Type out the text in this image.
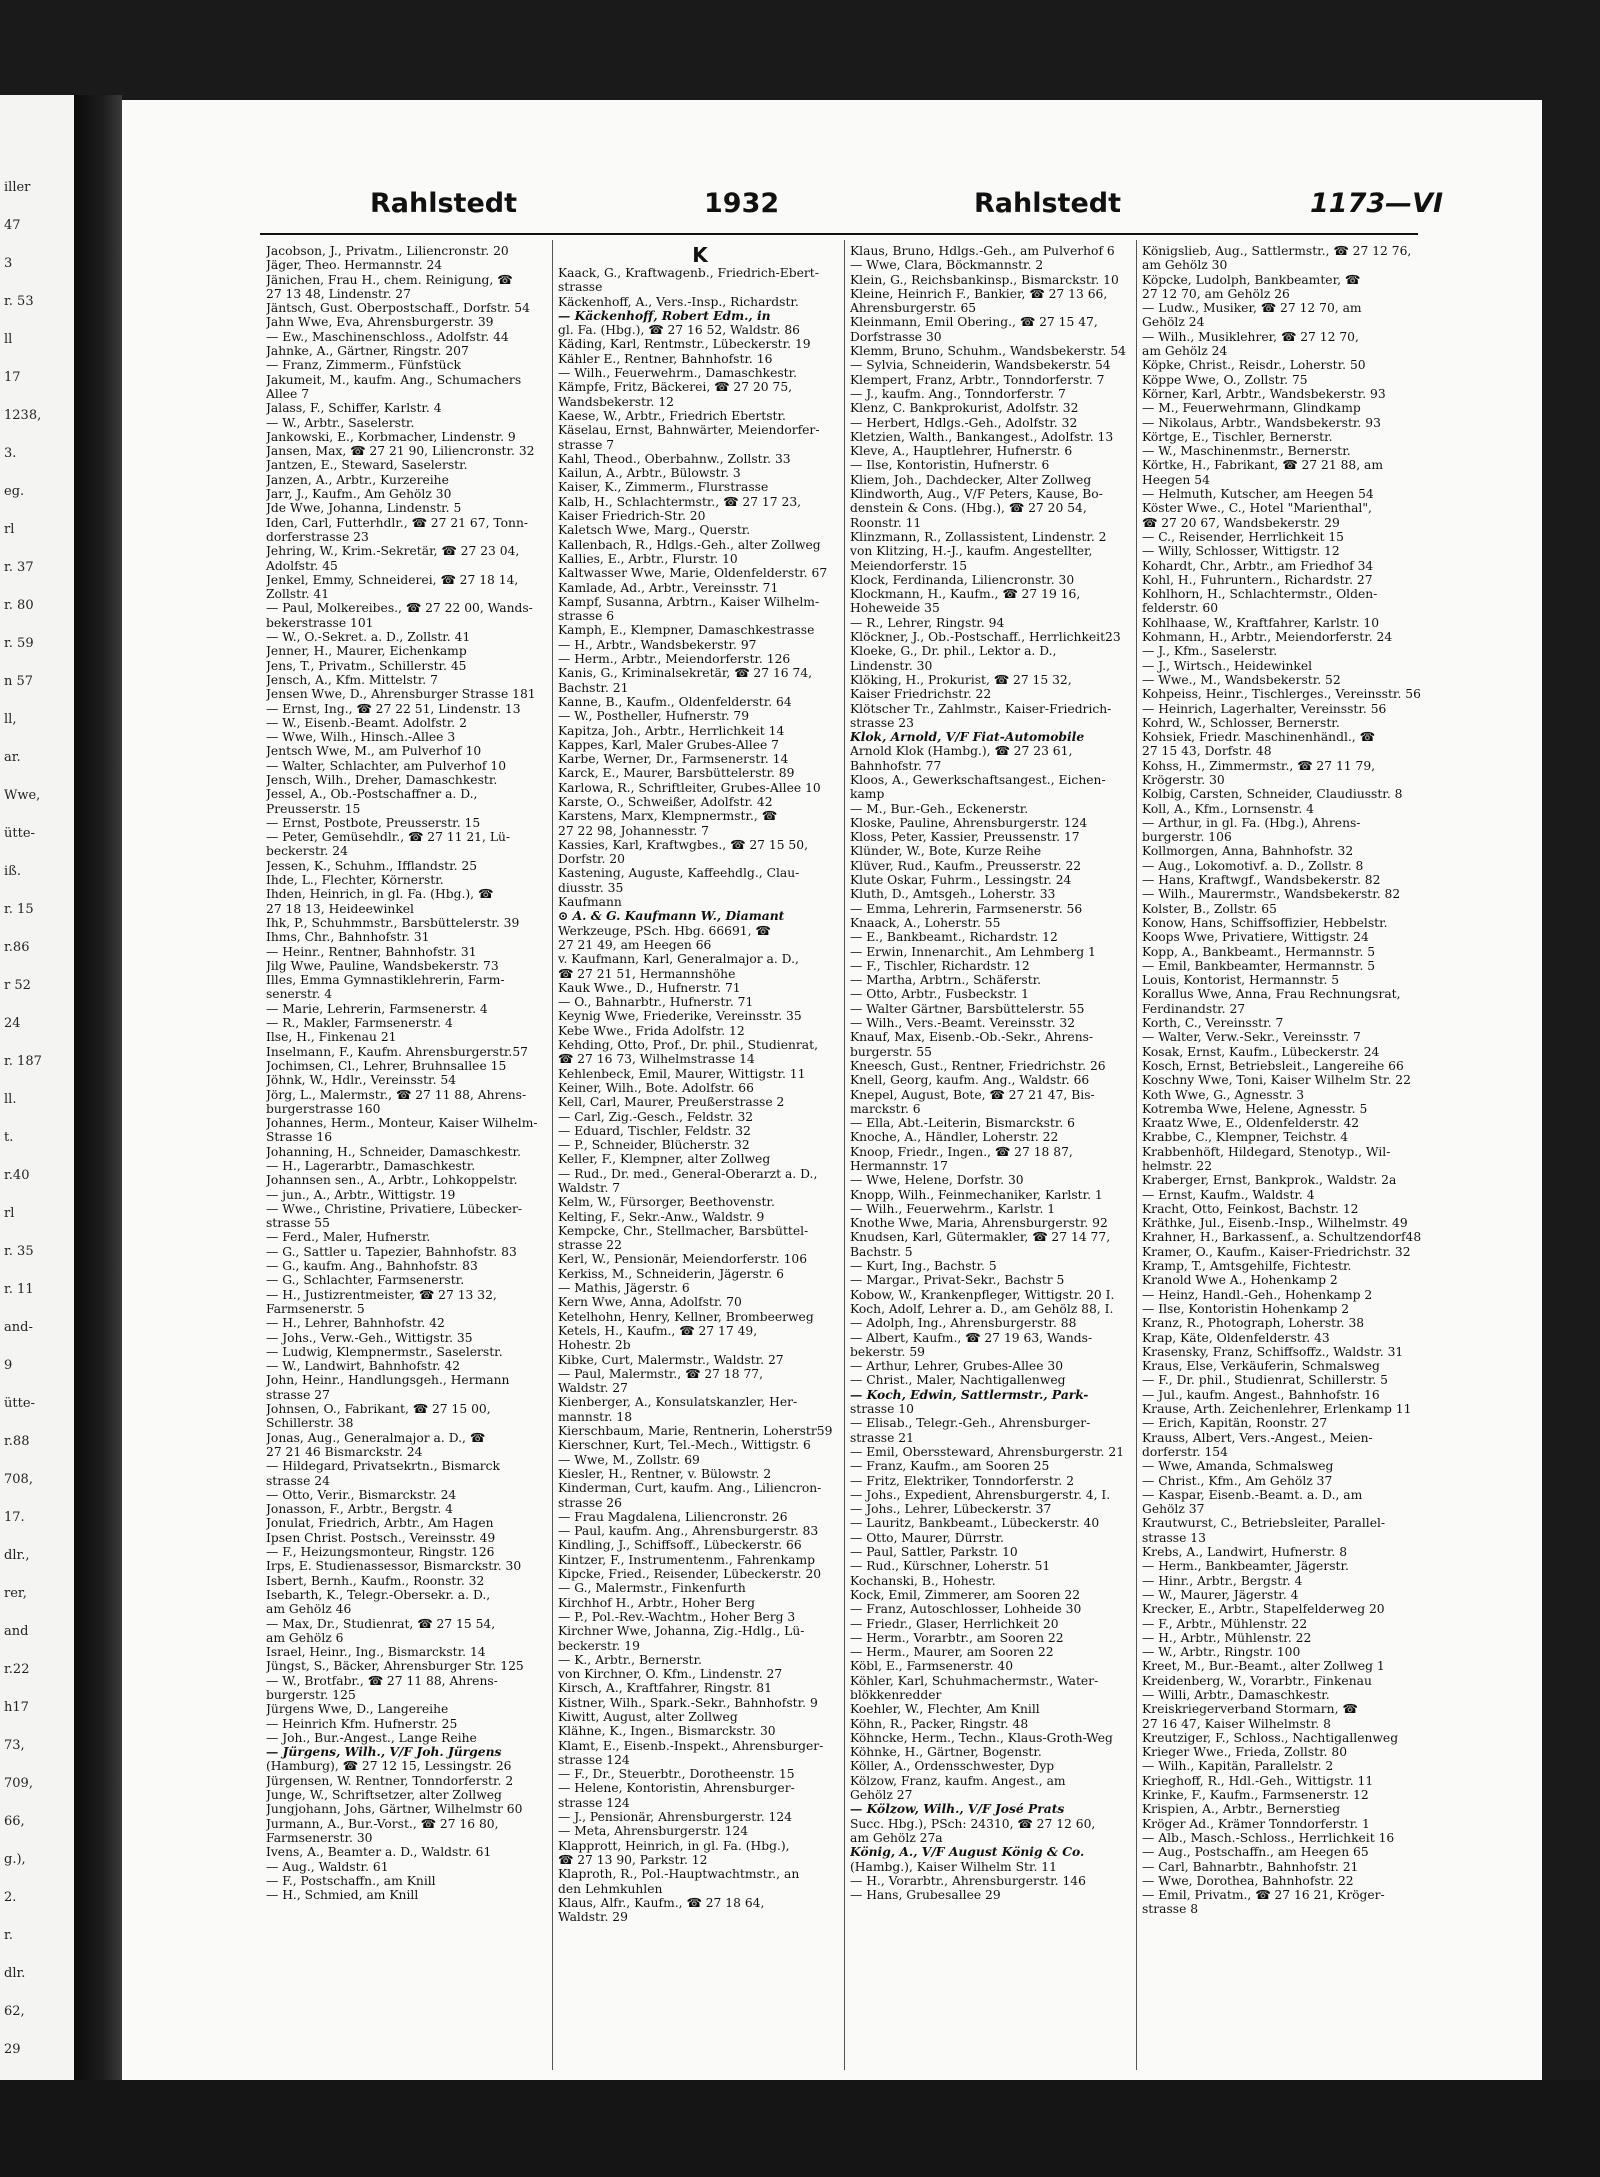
iller
47
3
r. 53
ll
17
1238,
3.
eg.
rl
r. 37
r. 80
r. 59
n 57
ll,
ar.
Wwe,
ütte-
iß.
r. 15
r.86
r 52
24
r. 187
ll.
t.
r.40
rl
r. 35
r. 11
and-
9
ütte-
r.88
708,
17.
dlr.,
rer,
and
r.22
h17
73,
709,
66,
g.),
2.
r.
dlr.
62,
29
Rahlstedt	1932	Rahlstedt	1173—VI
Jacobson, J., Privatm., Liliencronstr. 20
Jäger, Theo. Hermannstr. 24
Jänichen, Frau H., chem. Reinigung, ☎
27 13 48, Lindenstr. 27
Jäntsch, Gust. Oberpostschaff., Dorfstr. 54
Jahn Wwe, Eva, Ahrensburgerstr. 39
— Ew., Maschinenschloss., Adolfstr. 44
Jahnke, A., Gärtner, Ringstr. 207
— Franz, Zimmerm., Fünfstück
Jakumeit, M., kaufm. Ang., Schumachers
Allee 7
Jalass, F., Schiffer, Karlstr. 4
— W., Arbtr., Saselerstr.
Jankowski, E., Korbmacher, Lindenstr. 9
Jansen, Max, ☎ 27 21 90, Liliencronstr. 32
Jantzen, E., Steward, Saselerstr.
Janzen, A., Arbtr., Kurzereihe
Jarr, J., Kaufm., Am Gehölz 30
Jde Wwe, Johanna, Lindenstr. 5
Iden, Carl, Futterhdlr., ☎ 27 21 67, Tonn-
dorferstrasse 23
Jehring, W., Krim.-Sekretär, ☎ 27 23 04,
Adolfstr. 45
Jenkel, Emmy, Schneiderei, ☎ 27 18 14,
Zollstr. 41
— Paul, Molkereibes., ☎ 27 22 00, Wands-
bekerstrasse 101
— W., O.-Sekret. a. D., Zollstr. 41
Jenner, H., Maurer, Eichenkamp
Jens, T., Privatm., Schillerstr. 45
Jensch, A., Kfm. Mittelstr. 7
Jensen Wwe, D., Ahrensburger Strasse 181
— Ernst, Ing., ☎ 27 22 51, Lindenstr. 13
— W., Eisenb.-Beamt. Adolfstr. 2
— Wwe, Wilh., Hinsch.-Allee 3
Jentsch Wwe, M., am Pulverhof 10
— Walter, Schlachter, am Pulverhof 10
Jensch, Wilh., Dreher, Damaschkestr.
Jessel, A., Ob.-Postschaffner a. D.,
Preusserstr. 15
— Ernst, Postbote, Preusserstr. 15
— Peter, Gemüsehdlr., ☎ 27 11 21, Lü-
beckerstr. 24
Jessen, K., Schuhm., Ifflandstr. 25
Ihde, L., Flechter, Körnerstr.
Ihden, Heinrich, in gl. Fa. (Hbg.), ☎
27 18 13, Heideewinkel
Ihk, P., Schuhmmstr., Barsbüttelerstr. 39
Ihms, Chr., Bahnhofstr. 31
— Heinr., Rentner, Bahnhofstr. 31
Jilg Wwe, Pauline, Wandsbekerstr. 73
Illes, Emma Gymnastiklehrerin, Farm-
senerstr. 4
— Marie, Lehrerin, Farmsenerstr. 4
— R., Makler, Farmsenerstr. 4
Ilse, H., Finkenau 21
Inselmann, F., Kaufm. Ahrensburgerstr.57
Jochimsen, Cl., Lehrer, Bruhnsallee 15
Jöhnk, W., Hdlr., Vereinsstr. 54
Jörg, L., Malermstr., ☎ 27 11 88, Ahrens-
burgerstrasse 160
Johannes, Herm., Monteur, Kaiser Wilhelm-
Strasse 16
Johanning, H., Schneider, Damaschkestr.
— H., Lagerarbtr., Damaschkestr.
Johannsen sen., A., Arbtr., Lohkoppelstr.
— jun., A., Arbtr., Wittigstr. 19
— Wwe., Christine, Privatiere, Lübecker-
strasse 55
— Ferd., Maler, Hufnerstr.
— G., Sattler u. Tapezier, Bahnhofstr. 83
— G., kaufm. Ang., Bahnhofstr. 83
— G., Schlachter, Farmsenerstr.
— H., Justizrentmeister, ☎ 27 13 32,
Farmsenerstr. 5
— H., Lehrer, Bahnhofstr. 42
— Johs., Verw.-Geh., Wittigstr. 35
— Ludwig, Klempnermstr., Saselerstr.
— W., Landwirt, Bahnhofstr. 42
John, Heinr., Handlungsgeh., Hermann
strasse 27
Johnsen, O., Fabrikant, ☎ 27 15 00,
Schillerstr. 38
Jonas, Aug., Generalmajor a. D., ☎
27 21 46 Bismarckstr. 24
— Hildegard, Privatsekrtn., Bismarck
strasse 24
— Otto, Verir., Bismarckstr. 24
Jonasson, F., Arbtr., Bergstr. 4
Jonulat, Friedrich, Arbtr., Am Hagen
Ipsen Christ. Postsch., Vereinsstr. 49
— F., Heizungsmonteur, Ringstr. 126
Irps, E. Studienassessor, Bismarckstr. 30
Isbert, Bernh., Kaufm., Roonstr. 32
Isebarth, K., Telegr.-Obersekr. a. D.,
am Gehölz 46
— Max, Dr., Studienrat, ☎ 27 15 54,
am Gehölz 6
Israel, Heinr., Ing., Bismarckstr. 14
Jüngst, S., Bäcker, Ahrensburger Str. 125
— W., Brotfabr., ☎ 27 11 88, Ahrens-
burgerstr. 125
Jürgens Wwe, D., Langereihe
— Heinrich Kfm. Hufnerstr. 25
— Joh., Bur.-Angest., Lange Reihe
— Jürgens, Wilh., V/F Joh. Jürgens
(Hamburg), ☎ 27 12 15, Lessingstr. 26
Jürgensen, W. Rentner, Tonndorferstr. 2
Junge, W., Schriftsetzer, alter Zollweg
Jungjohann, Johs, Gärtner, Wilhelmstr 60
Jurmann, A., Bur.-Vorst., ☎ 27 16 80,
Farmsenerstr. 30
Ivens, A., Beamter a. D., Waldstr. 61
— Aug., Waldstr. 61
— F., Postschaffn., am Knill
— H., Schmied, am Knill
K
Kaack, G., Kraftwagenb., Friedrich-Ebert-
strasse
Käckenhoff, A., Vers.-Insp., Richardstr.
— Käckenhoff, Robert Edm., in
gl. Fa. (Hbg.), ☎ 27 16 52, Waldstr. 86
Käding, Karl, Rentmstr., Lübeckerstr. 19
Kähler E., Rentner, Bahnhofstr. 16
— Wilh., Feuerwehrm., Damaschkestr.
Kämpfe, Fritz, Bäckerei, ☎ 27 20 75,
Wandsbekerstr. 12
Kaese, W., Arbtr., Friedrich Ebertstr.
Käselau, Ernst, Bahnwärter, Meiendorfer-
strasse 7
Kahl, Theod., Oberbahnw., Zollstr. 33
Kailun, A., Arbtr., Bülowstr. 3
Kaiser, K., Zimmerm., Flurstrasse
Kalb, H., Schlachtermstr., ☎ 27 17 23,
Kaiser Friedrich-Str. 20
Kaletsch Wwe, Marg., Querstr.
Kallenbach, R., Hdlgs.-Geh., alter Zollweg
Kallies, E., Arbtr., Flurstr. 10
Kaltwasser Wwe, Marie, Oldenfelderstr. 67
Kamlade, Ad., Arbtr., Vereinsstr. 71
Kampf, Susanna, Arbtrn., Kaiser Wilhelm-
strasse 6
Kamph, E., Klempner, Damaschkestrasse
— H., Arbtr., Wandsbekerstr. 97
— Herm., Arbtr., Meiendorferstr. 126
Kanis, G., Kriminalsekretär, ☎ 27 16 74,
Bachstr. 21
Kanne, B., Kaufm., Oldenfelderstr. 64
— W., Postheller, Hufnerstr. 79
Kapitza, Joh., Arbtr., Herrlichkeit 14
Kappes, Karl, Maler Grubes-Allee 7
Karbe, Werner, Dr., Farmsenerstr. 14
Karck, E., Maurer, Barsbüttelerstr. 89
Karlowa, R., Schriftleiter, Grubes-Allee 10
Karste, O., Schweißer, Adolfstr. 42
Karstens, Marx, Klempnermstr., ☎
27 22 98, Johannesstr. 7
Kassies, Karl, Kraftwgbes., ☎ 27 15 50,
Dorfstr. 20
Kastening, Auguste, Kaffeehdlg., Clau-
diusstr. 35
Kaufmann
⊙ A. & G. Kaufmann W., Diamant
Werkzeuge, PSch. Hbg. 66691, ☎
27 21 49, am Heegen 66
v. Kaufmann, Karl, Generalmajor a. D.,
☎ 27 21 51, Hermannshöhe
Kauk Wwe., D., Hufnerstr. 71
— O., Bahnarbtr., Hufnerstr. 71
Keynig Wwe, Friederike, Vereinsstr. 35
Kebe Wwe., Frida Adolfstr. 12
Kehding, Otto, Prof., Dr. phil., Studienrat,
☎ 27 16 73, Wilhelmstrasse 14
Kehlenbeck, Emil, Maurer, Wittigstr. 11
Keiner, Wilh., Bote. Adolfstr. 66
Kell, Carl, Maurer, Preußerstrasse 2
— Carl, Zig.-Gesch., Feldstr. 32
— Eduard, Tischler, Feldstr. 32
— P., Schneider, Blücherstr. 32
Keller, F., Klempner, alter Zollweg
— Rud., Dr. med., General-Oberarzt a. D.,
Waldstr. 7
Kelm, W., Fürsorger, Beethovenstr.
Kelting, F., Sekr.-Anw., Waldstr. 9
Kempcke, Chr., Stellmacher, Barsbüttel-
strasse 22
Kerl, W., Pensionär, Meiendorferstr. 106
Kerkiss, M., Schneiderin, Jägerstr. 6
— Mathis, Jägerstr. 6
Kern Wwe, Anna, Adolfstr. 70
Ketelhohn, Henry, Kellner, Brombeerweg
Ketels, H., Kaufm., ☎ 27 17 49,
Hohestr. 2b
Kibke, Curt, Malermstr., Waldstr. 27
— Paul, Malermstr., ☎ 27 18 77,
Waldstr. 27
Kienberger, A., Konsulatskanzler, Her-
mannstr. 18
Kierschbaum, Marie, Rentnerin, Loherstr59
Kierschner, Kurt, Tel.-Mech., Wittigstr. 6
— Wwe, M., Zollstr. 69
Kiesler, H., Rentner, v. Bülowstr. 2
Kinderman, Curt, kaufm. Ang., Liliencron-
strasse 26
— Frau Magdalena, Liliencronstr. 26
— Paul, kaufm. Ang., Ahrensburgerstr. 83
Kindling, J., Schiffsoff., Lübeckerstr. 66
Kintzer, F., Instrumentenm., Fahrenkamp
Kipcke, Fried., Reisender, Lübeckerstr. 20
— G., Malermstr., Finkenfurth
Kirchhof H., Arbtr., Hoher Berg
— P., Pol.-Rev.-Wachtm., Hoher Berg 3
Kirchner Wwe, Johanna, Zig.-Hdlg., Lü-
beckerstr. 19
— K., Arbtr., Bernerstr.
von Kirchner, O. Kfm., Lindenstr. 27
Kirsch, A., Kraftfahrer, Ringstr. 81
Kistner, Wilh., Spark.-Sekr., Bahnhofstr. 9
Kiwitt, August, alter Zollweg
Klähne, K., Ingen., Bismarckstr. 30
Klamt, E., Eisenb.-Inspekt., Ahrensburger-
strasse 124
— F., Dr., Steuerbtr., Dorotheenstr. 15
— Helene, Kontoristin, Ahrensburger-
strasse 124
— J., Pensionär, Ahrensburgerstr. 124
— Meta, Ahrensburgerstr. 124
Klapprott, Heinrich, in gl. Fa. (Hbg.),
☎ 27 13 90, Parkstr. 12
Klaproth, R., Pol.-Hauptwachtmstr., an
den Lehmkuhlen
Klaus, Alfr., Kaufm., ☎ 27 18 64,
Waldstr. 29
Klaus, Bruno, Hdlgs.-Geh., am Pulverhof 6
— Wwe, Clara, Böckmannstr. 2
Klein, G., Reichsbankinsp., Bismarckstr. 10
Kleine, Heinrich F., Bankier, ☎ 27 13 66,
Ahrensburgerstr. 65
Kleinmann, Emil Obering., ☎ 27 15 47,
Dorfstrasse 30
Klemm, Bruno, Schuhm., Wandsbekerstr. 54
— Sylvia, Schneiderin, Wandsbekerstr. 54
Klempert, Franz, Arbtr., Tonndorferstr. 7
— J., kaufm. Ang., Tonndorferstr. 7
Klenz, C. Bankprokurist, Adolfstr. 32
— Herbert, Hdlgs.-Geh., Adolfstr. 32
Kletzien, Walth., Bankangest., Adolfstr. 13
Kleve, A., Hauptlehrer, Hufnerstr. 6
— Ilse, Kontoristin, Hufnerstr. 6
Kliem, Joh., Dachdecker, Alter Zollweg
Klindworth, Aug., V/F Peters, Kause, Bo-
denstein & Cons. (Hbg.), ☎ 27 20 54,
Roonstr. 11
Klinzmann, R., Zollassistent, Lindenstr. 2
von Klitzing, H.-J., kaufm. Angestellter,
Meiendorferstr. 15
Klock, Ferdinanda, Liliencronstr. 30
Klockmann, H., Kaufm., ☎ 27 19 16,
Hoheweide 35
— R., Lehrer, Ringstr. 94
Klöckner, J., Ob.-Postschaff., Herrlichkeit23
Kloeke, G., Dr. phil., Lektor a. D.,
Lindenstr. 30
Klöking, H., Prokurist, ☎ 27 15 32,
Kaiser Friedrichstr. 22
Klötscher Tr., Zahlmstr., Kaiser-Friedrich-
strasse 23
Klok, Arnold, V/F Fiat-Automobile
Arnold Klok (Hambg.), ☎ 27 23 61,
Bahnhofstr. 77
Kloos, A., Gewerkschaftsangest., Eichen-
kamp
— M., Bur.-Geh., Eckenerstr.
Kloske, Pauline, Ahrensburgerstr. 124
Kloss, Peter, Kassier, Preussenstr. 17
Klünder, W., Bote, Kurze Reihe
Klüver, Rud., Kaufm., Preusserstr. 22
Klute Oskar, Fuhrm., Lessingstr. 24
Kluth, D., Amtsgeh., Loherstr. 33
— Emma, Lehrerin, Farmsenerstr. 56
Knaack, A., Loherstr. 55
— E., Bankbeamt., Richardstr. 12
— Erwin, Innenarchit., Am Lehmberg 1
— F., Tischler, Richardstr. 12
— Martha, Arbtrn., Schäferstr.
— Otto, Arbtr., Fusbeckstr. 1
— Walter Gärtner, Barsbüttelerstr. 55
— Wilh., Vers.-Beamt. Vereinsstr. 32
Knauf, Max, Eisenb.-Ob.-Sekr., Ahrens-
burgerstr. 55
Kneesch, Gust., Rentner, Friedrichstr. 26
Knell, Georg, kaufm. Ang., Waldstr. 66
Knepel, August, Bote, ☎ 27 21 47, Bis-
marckstr. 6
— Ella, Abt.-Leiterin, Bismarckstr. 6
Knoche, A., Händler, Loherstr. 22
Knoop, Friedr., Ingen., ☎ 27 18 87,
Hermannstr. 17
— Wwe, Helene, Dorfstr. 30
Knopp, Wilh., Feinmechaniker, Karlstr. 1
— Wilh., Feuerwehrm., Karlstr. 1
Knothe Wwe, Maria, Ahrensburgerstr. 92
Knudsen, Karl, Gütermakler, ☎ 27 14 77,
Bachstr. 5
— Kurt, Ing., Bachstr. 5
— Margar., Privat-Sekr., Bachstr 5
Kobow, W., Krankenpfleger, Wittigstr. 20 I.
Koch, Adolf, Lehrer a. D., am Gehölz 88, I.
— Adolph, Ing., Ahrensburgerstr. 88
— Albert, Kaufm., ☎ 27 19 63, Wands-
bekerstr. 59
— Arthur, Lehrer, Grubes-Allee 30
— Christ., Maler, Nachtigallenweg
— Koch, Edwin, Sattlermstr., Park-
strasse 10
— Elisab., Telegr.-Geh., Ahrensburger-
strasse 21
— Emil, Oberssteward, Ahrensburgerstr. 21
— Franz, Kaufm., am Sooren 25
— Fritz, Elektriker, Tonndorferstr. 2
— Johs., Expedient, Ahrensburgerstr. 4, I.
— Johs., Lehrer, Lübeckerstr. 37
— Lauritz, Bankbeamt., Lübeckerstr. 40
— Otto, Maurer, Dürrstr.
— Paul, Sattler, Parkstr. 10
— Rud., Kürschner, Loherstr. 51
Kochanski, B., Hohestr.
Kock, Emil, Zimmerer, am Sooren 22
— Franz, Autoschlosser, Lohheide 30
— Friedr., Glaser, Herrlichkeit 20
— Herm., Vorarbtr., am Sooren 22
— Herm., Maurer, am Sooren 22
Köbl, E., Farmsenerstr. 40
Köhler, Karl, Schuhmachermstr., Water-
blökkenredder
Koehler, W., Flechter, Am Knill
Köhn, R., Packer, Ringstr. 48
Köhncke, Herm., Techn., Klaus-Groth-Weg
Köhnke, H., Gärtner, Bogenstr.
Köller, A., Ordensschwester, Dyp
Kölzow, Franz, kaufm. Angest., am
Gehölz 27
— Kölzow, Wilh., V/F José Prats
Succ. Hbg.), PSch: 24310, ☎ 27 12 60,
am Gehölz 27a
König, A., V/F August König & Co.
(Hambg.), Kaiser Wilhelm Str. 11
— H., Vorarbtr., Ahrensburgerstr. 146
— Hans, Grubesallee 29
Königslieb, Aug., Sattlermstr., ☎ 27 12 76,
am Gehölz 30
Köpcke, Ludolph, Bankbeamter, ☎
27 12 70, am Gehölz 26
— Ludw., Musiker, ☎ 27 12 70, am
Gehölz 24
— Wilh., Musiklehrer, ☎ 27 12 70,
am Gehölz 24
Köpke, Christ., Reisdr., Loherstr. 50
Köppe Wwe, O., Zollstr. 75
Körner, Karl, Arbtr., Wandsbekerstr. 93
— M., Feuerwehrmann, Glindkamp
— Nikolaus, Arbtr., Wandsbekerstr. 93
Körtge, E., Tischler, Bernerstr.
— W., Maschinenmstr., Bernerstr.
Körtke, H., Fabrikant, ☎ 27 21 88, am
Heegen 54
— Helmuth, Kutscher, am Heegen 54
Köster Wwe., C., Hotel "Marienthal",
☎ 27 20 67, Wandsbekerstr. 29
— C., Reisender, Herrlichkeit 15
— Willy, Schlosser, Wittigstr. 12
Kohardt, Chr., Arbtr., am Friedhof 34
Kohl, H., Fuhruntern., Richardstr. 27
Kohlhorn, H., Schlachtermstr., Olden-
felderstr. 60
Kohlhaase, W., Kraftfahrer, Karlstr. 10
Kohmann, H., Arbtr., Meiendorferstr. 24
— J., Kfm., Saselerstr.
— J., Wirtsch., Heidewinkel
— Wwe., M., Wandsbekerstr. 52
Kohpeiss, Heinr., Tischlerges., Vereinsstr. 56
— Heinrich, Lagerhalter, Vereinsstr. 56
Kohrd, W., Schlosser, Bernerstr.
Kohsiek, Friedr. Maschinenhändl., ☎
27 15 43, Dorfstr. 48
Kohss, H., Zimmermstr., ☎ 27 11 79,
Krögerstr. 30
Kolbig, Carsten, Schneider, Claudiusstr. 8
Koll, A., Kfm., Lornsenstr. 4
— Arthur, in gl. Fa. (Hbg.), Ahrens-
burgerstr. 106
Kollmorgen, Anna, Bahnhofstr. 32
— Aug., Lokomotivf. a. D., Zollstr. 8
— Hans, Kraftwgf., Wandsbekerstr. 82
— Wilh., Maurermstr., Wandsbekerstr. 82
Kolster, B., Zollstr. 65
Konow, Hans, Schiffsoffizier, Hebbelstr.
Koops Wwe, Privatiere, Wittigstr. 24
Kopp, A., Bankbeamt., Hermannstr. 5
— Emil, Bankbeamter, Hermannstr. 5
Louis, Kontorist, Hermannstr. 5
Korallus Wwe, Anna, Frau Rechnungsrat,
Ferdinandstr. 27
Korth, C., Vereinsstr. 7
— Walter, Verw.-Sekr., Vereinsstr. 7
Kosak, Ernst, Kaufm., Lübeckerstr. 24
Kosch, Ernst, Betriebsleit., Langereihe 66
Koschny Wwe, Toni, Kaiser Wilhelm Str. 22
Koth Wwe, G., Agnesstr. 3
Kotremba Wwe, Helene, Agnesstr. 5
Kraatz Wwe, E., Oldenfelderstr. 42
Krabbe, C., Klempner, Teichstr. 4
Krabbenhöft, Hildegard, Stenotyp., Wil-
helmstr. 22
Kraberger, Ernst, Bankprok., Waldstr. 2a
— Ernst, Kaufm., Waldstr. 4
Kracht, Otto, Feinkost, Bachstr. 12
Kräthke, Jul., Eisenb.-Insp., Wilhelmstr. 49
Krahner, H., Barkassenf., a. Schultzendorf48
Kramer, O., Kaufm., Kaiser-Friedrichstr. 32
Kramp, T., Amtsgehilfe, Fichtestr.
Kranold Wwe A., Hohenkamp 2
— Heinz, Handl.-Geh., Hohenkamp 2
— Ilse, Kontoristin Hohenkamp 2
Kranz, R., Photograph, Loherstr. 38
Krap, Käte, Oldenfelderstr. 43
Krasensky, Franz, Schiffsoffz., Waldstr. 31
Kraus, Else, Verkäuferin, Schmalsweg
— F., Dr. phil., Studienrat, Schillerstr. 5
— Jul., kaufm. Angest., Bahnhofstr. 16
Krause, Arth. Zeichenlehrer, Erlenkamp 11
— Erich, Kapitän, Roonstr. 27
Krauss, Albert, Vers.-Angest., Meien-
dorferstr. 154
— Wwe, Amanda, Schmalsweg
— Christ., Kfm., Am Gehölz 37
— Kaspar, Eisenb.-Beamt. a. D., am
Gehölz 37
Krautwurst, C., Betriebsleiter, Parallel-
strasse 13
Krebs, A., Landwirt, Hufnerstr. 8
— Herm., Bankbeamter, Jägerstr.
— Hinr., Arbtr., Bergstr. 4
— W., Maurer, Jägerstr. 4
Krecker, E., Arbtr., Stapelfelderweg 20
— F., Arbtr., Mühlenstr. 22
— H., Arbtr., Mühlenstr. 22
— W., Arbtr., Ringstr. 100
Kreet, M., Bur.-Beamt., alter Zollweg 1
Kreidenberg, W., Vorarbtr., Finkenau
— Willi, Arbtr., Damaschkestr.
Kreiskriegerverband Stormarn, ☎
27 16 47, Kaiser Wilhelmstr. 8
Kreutziger, F., Schloss., Nachtigallenweg
Krieger Wwe., Frieda, Zollstr. 80
— Wilh., Kapitän, Parallelstr. 2
Krieghoff, R., Hdl.-Geh., Wittigstr. 11
Krinke, F., Kaufm., Farmsenerstr. 12
Krispien, A., Arbtr., Bernerstieg
Kröger Ad., Krämer Tonndorferstr. 1
— Alb., Masch.-Schloss., Herrlichkeit 16
— Aug., Postschaffn., am Heegen 65
— Carl, Bahnarbtr., Bahnhofstr. 21
— Wwe, Dorothea, Bahnhofstr. 22
— Emil, Privatm., ☎ 27 16 21, Kröger-
strasse 8
